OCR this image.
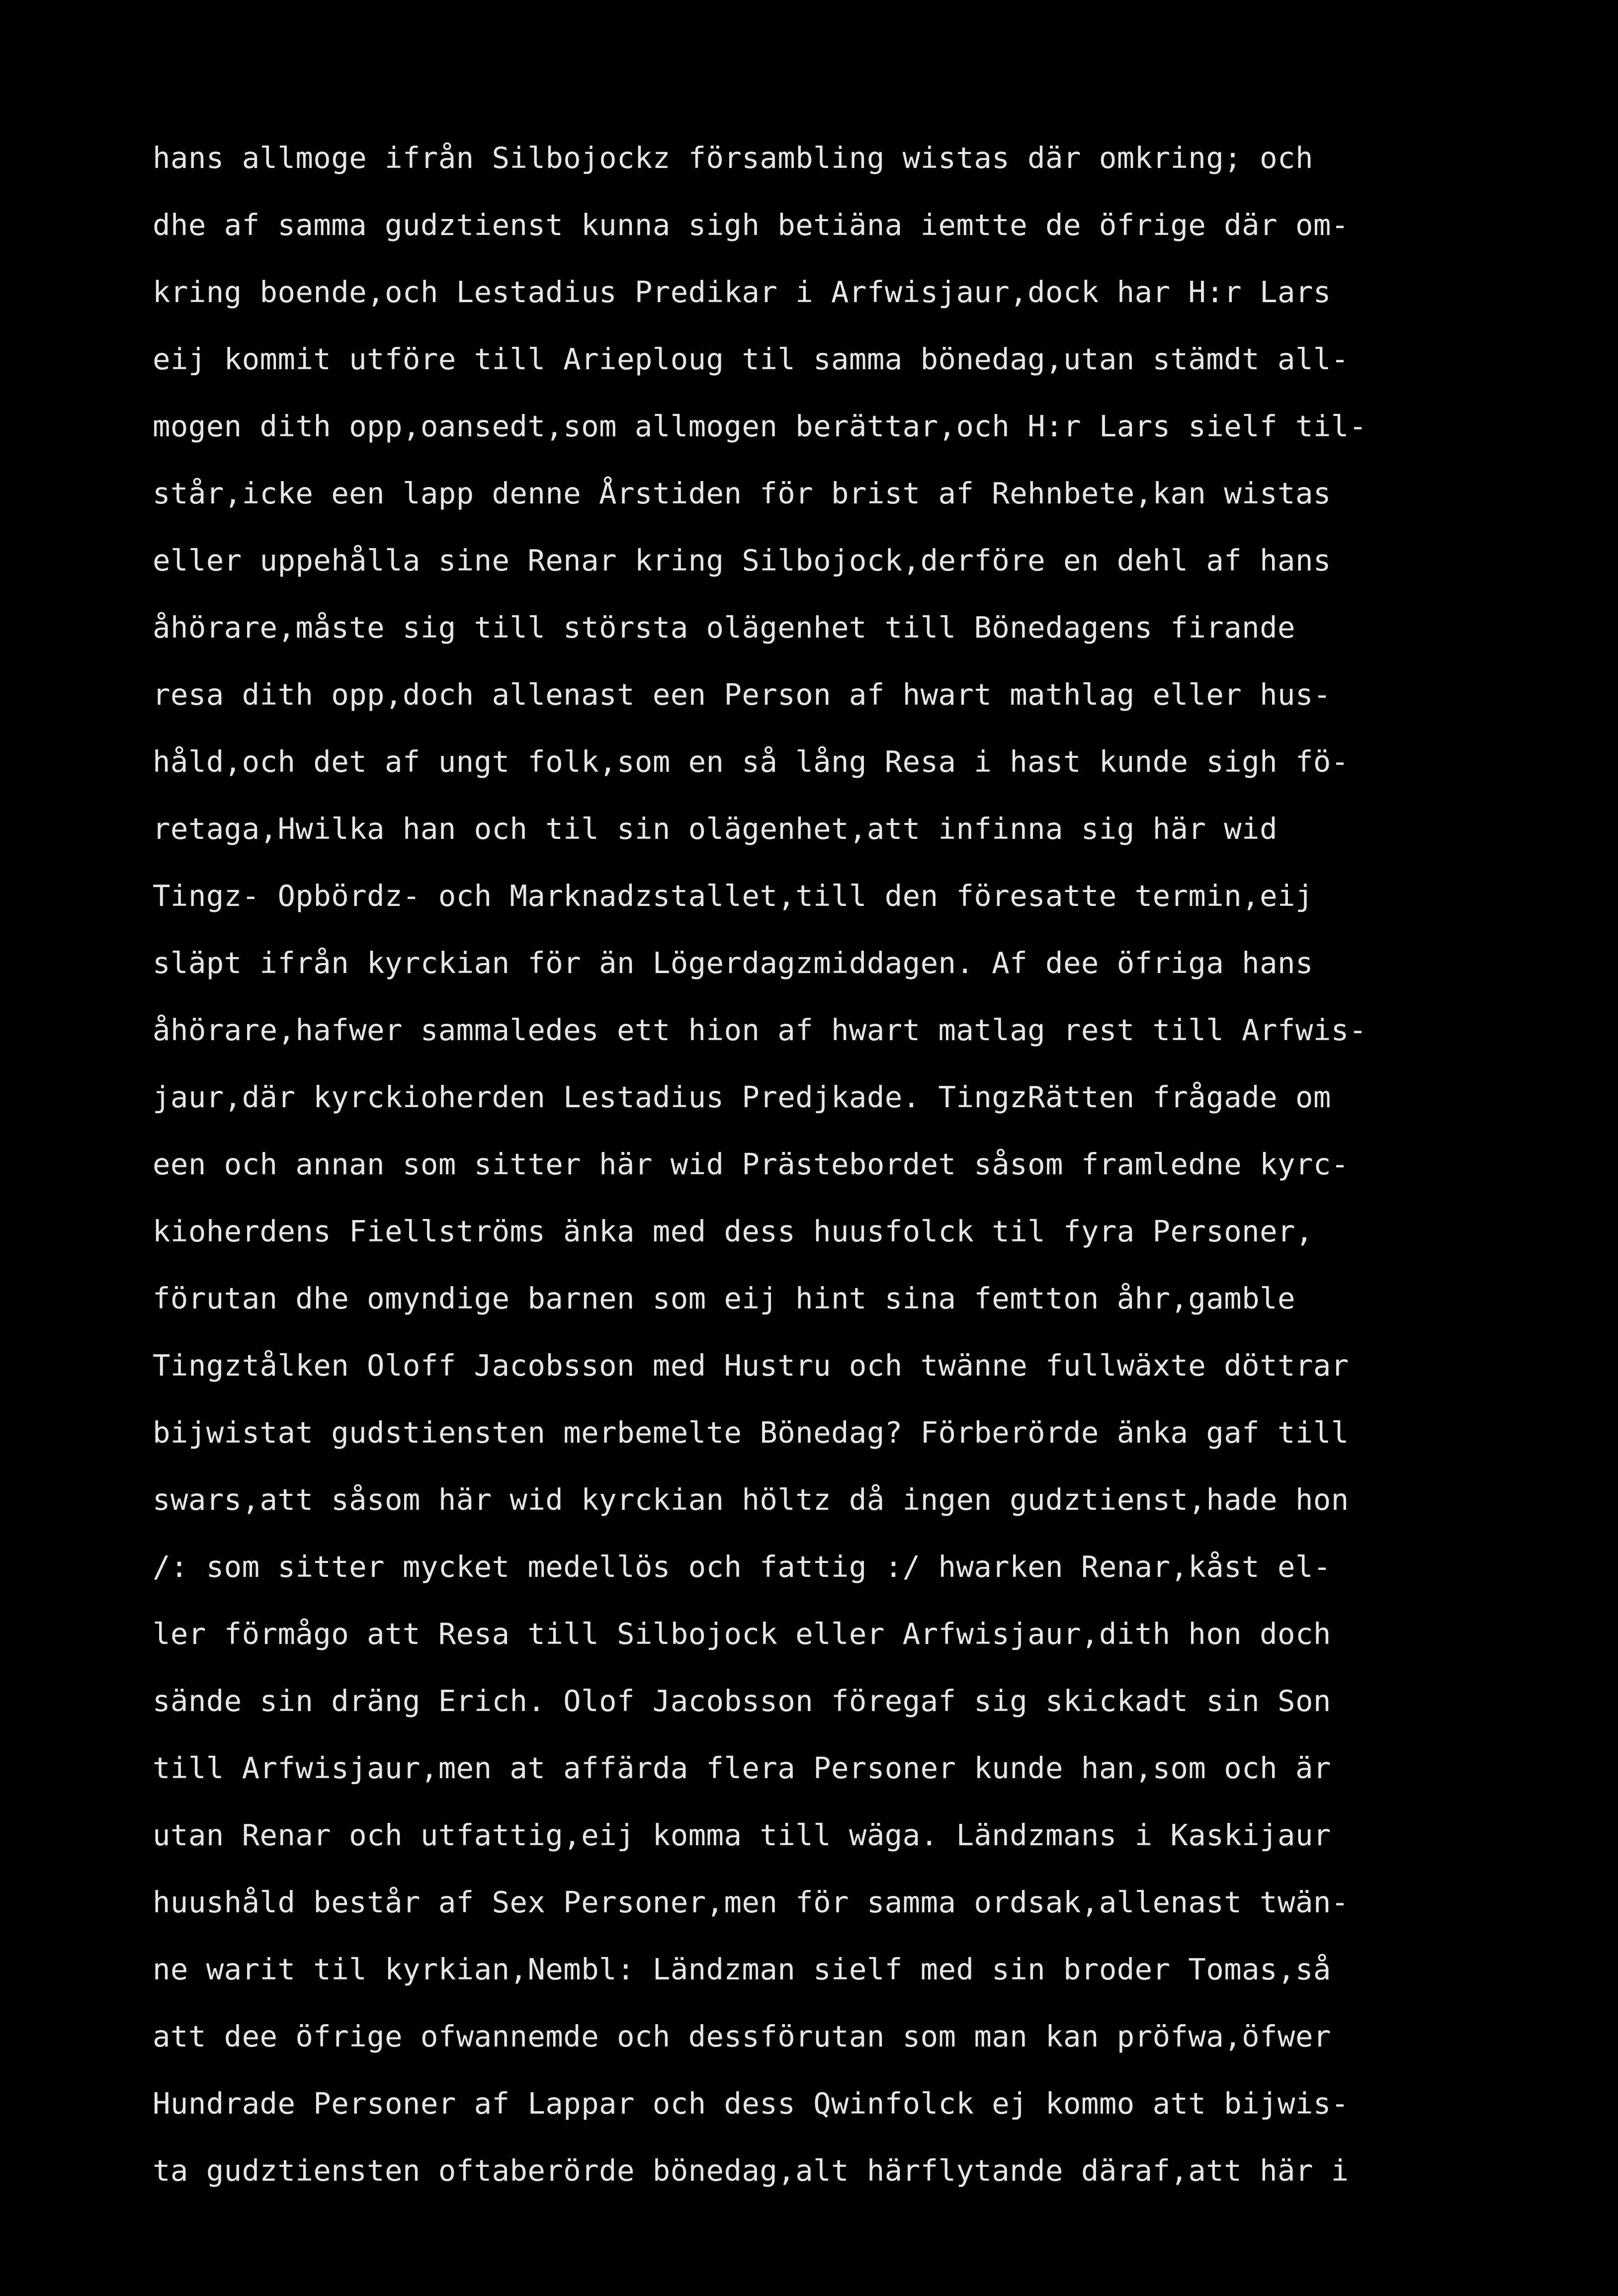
hans allmoge ifrån Silbojockz försambling wistas där omkring; och
dhe af samma gudztienst kunna sigh betiäna iemtte de öfrige där om-
kring boende,och Lestadius Predikar i Arfwisjaur,dock har H:r Lars
eij kommit utföre till Arieploug til samma bönedag,utan stämdt all-
mogen dith opp,oansedt,som allmogen berättar,och H:r Lars sielf til-
står,icke een lapp denne Årstiden för brist af Rehnbete,kan wistas
eller uppehålla sine Renar kring Silbojock,derföre en dehl af hans
åhörare,måste sig till största olägenhet till Bönedagens firande
resa dith opp,doch allenast een Person af hwart mathlag eller hus-
håld,och det af ungt folk,som en så lång Resa i hast kunde sigh fö-
retaga,Hwilka han och til sin olägenhet,att infinna sig här wid
Tingz- Opbördz- och Marknadzstallet,till den föresatte termin,eij
släpt ifrån kyrckian för än Lögerdagzmiddagen. Af dee öfriga hans
åhörare,hafwer sammaledes ett hion af hwart matlag rest till Arfwis-
jaur,där kyrckioherden Lestadius Predjkade. TingzRätten frågade om
een och annan som sitter här wid Prästebordet såsom framledne kyrc-
kioherdens Fiellströms änka med dess huusfolck til fyra Personer,
förutan dhe omyndige barnen som eij hint sina femtton åhr,gamble
Tingztålken Oloff Jacobsson med Hustru och twänne fullwäxte döttrar
bijwistat gudstiensten merbemelte Bönedag? Förberörde änka gaf till
swars,att såsom här wid kyrckian höltz då ingen gudztienst,hade hon
/: som sitter mycket medellös och fattig :/ hwarken Renar,kåst el-
ler förmågo att Resa till Silbojock eller Arfwisjaur,dith hon doch
sände sin dräng Erich. Olof Jacobsson föregaf sig skickadt sin Son
till Arfwisjaur,men at affärda flera Personer kunde han,som och är
utan Renar och utfattig,eij komma till wäga. Ländzmans i Kaskijaur
huushåld består af Sex Personer,men för samma ordsak,allenast twän-
ne warit til kyrkian,Nembl: Ländzman sielf med sin broder Tomas,så
att dee öfrige ofwannemde och dessförutan som man kan pröfwa,öfwer
Hundrade Personer af Lappar och dess Qwinfolck ej kommo att bijwis-
ta gudztiensten oftaberörde bönedag,alt härflytande däraf,att här i
